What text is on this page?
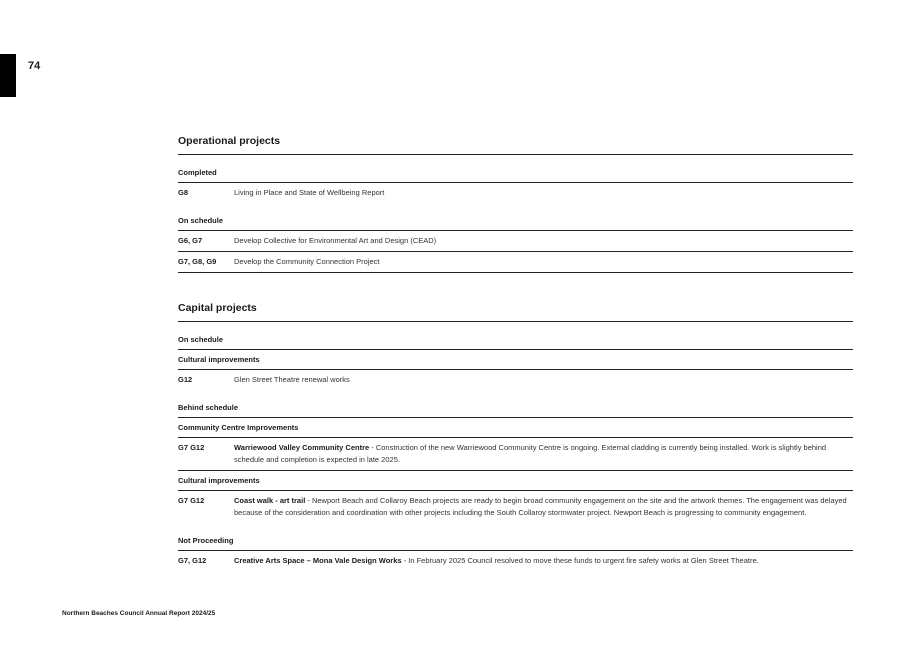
74
Operational projects
Completed
G8	Living in Place and State of Wellbeing Report
On schedule
G6, G7	Develop Collective for Environmental Art and Design (CEAD)
G7, G8, G9	Develop the Community Connection Project
Capital projects
On schedule
Cultural improvements
G12	Glen Street Theatre renewal works
Behind schedule
Community Centre Improvements
G7 G12	Warriewood Valley Community Centre - Construction of the new Warriewood Community Centre is ongoing. External cladding is currently being installed. Work is slightly behind schedule and completion is expected in late 2025.
Cultural improvements
G7 G12	Coast walk - art trail - Newport Beach and Collaroy Beach projects are ready to begin broad community engagement on the site and the artwork themes. The engagement was delayed because of the consideration and coordination with other projects including the South Collaroy stormwater project. Newport Beach is progressing to community engagement.
Not Proceeding
G7, G12	Creative Arts Space – Mona Vale Design Works - In February 2025 Council resolved to move these funds to urgent fire safety works at Glen Street Theatre.
Northern Beaches Council Annual Report 2024/25
